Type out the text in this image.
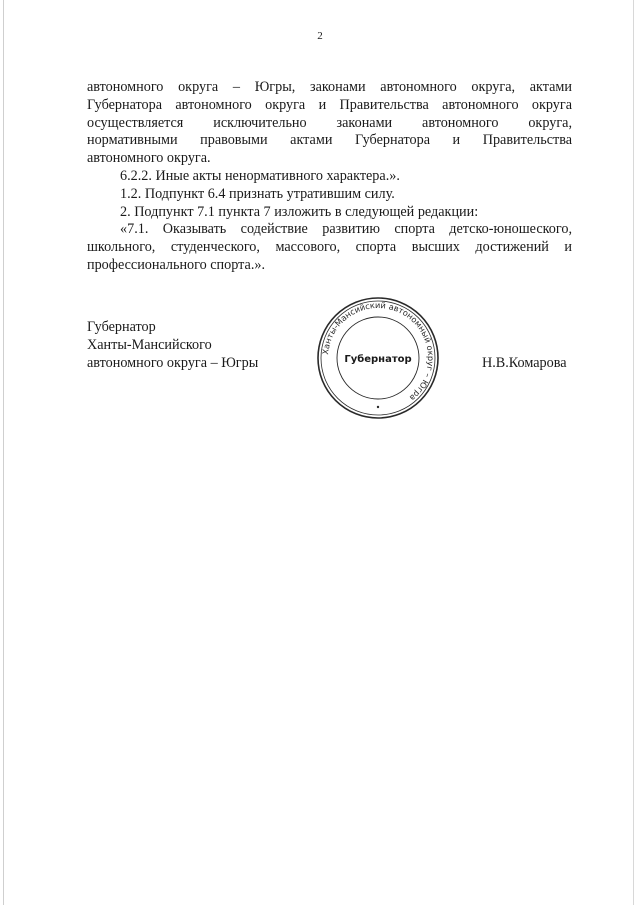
2

автономного округа – Югры, законами автономного округа, актами

Губернатора автономного округа и Правительства автономного округа

осуществляется исключительно законами автономного округа,

нормативными правовыми актами Губернатора и Правительства

автономного округа.

6.2.2. Иные акты ненормативного характера.».

1.2. Подпункт 6.4 признать утратившим силу.

2. Подпункт 7.1 пункта 7 изложить в следующей редакции:

«7.1. Оказывать содействие развитию спорта детско-юношеского,

школьного, студенческого, массового, спорта высших достижений и

профессионального спорта.».

Губернатор
Ханты-Мансийского
автономного округа – Югры
Ханты-Мансийский автономный округ – Югра
Губернатор	Н.В.Комарова
